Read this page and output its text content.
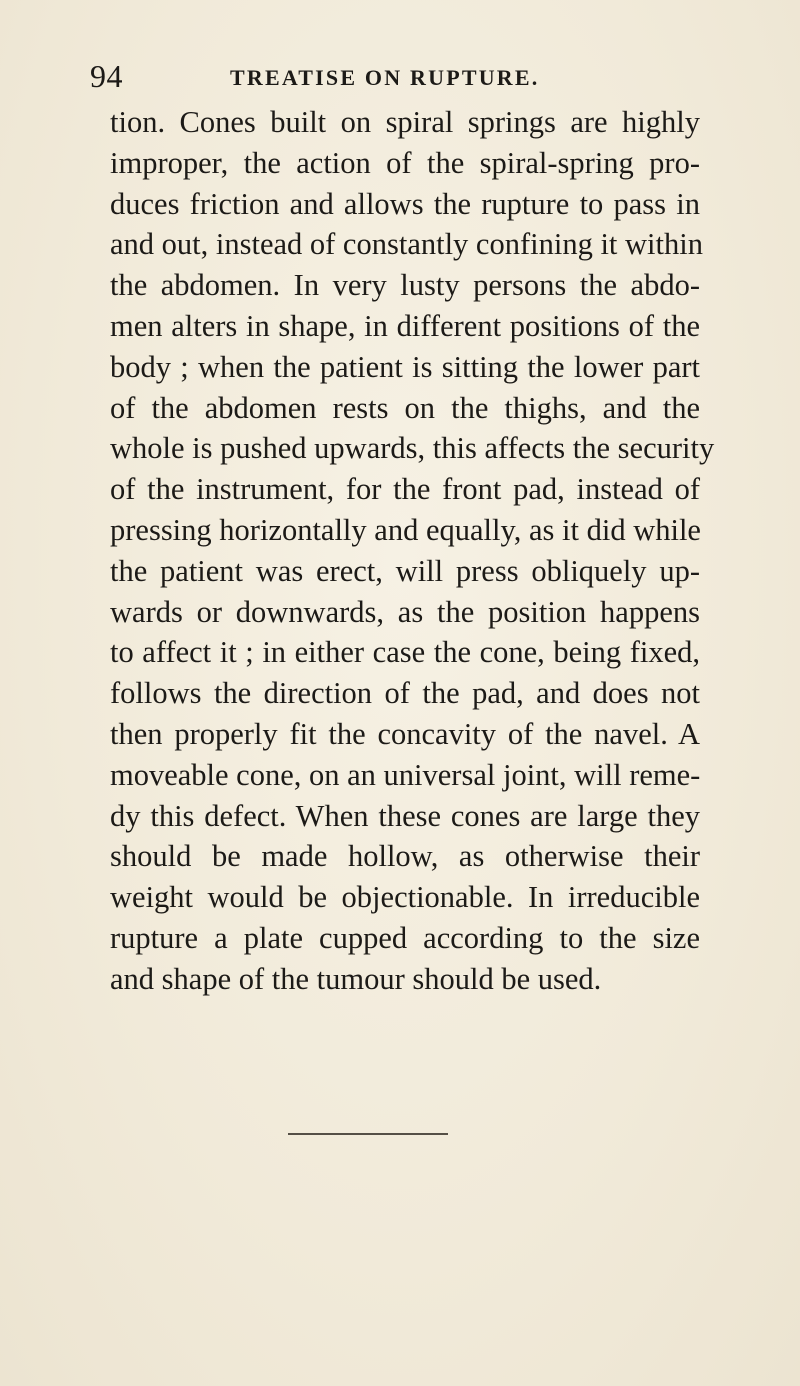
94	TREATISE ON RUPTURE.
tion. Cones built on spiral springs are highly
improper, the action of the spiral-spring pro-
duces friction and allows the rupture to pass in
and out, instead of constantly confining it within
the abdomen. In very lusty persons the abdo-
men alters in shape, in different positions of the
body ; when the patient is sitting the lower part
of the abdomen rests on the thighs, and the
whole is pushed upwards, this affects the security
of the instrument, for the front pad, instead of
pressing horizontally and equally, as it did while
the patient was erect, will press obliquely up-
wards or downwards, as the position happens
to affect it ; in either case the cone, being fixed,
follows the direction of the pad, and does not
then properly fit the concavity of the navel. A
moveable cone, on an universal joint, will reme-
dy this defect. When these cones are large they
should be made hollow, as otherwise their
weight would be objectionable. In irreducible
rupture a plate cupped according to the size
and shape of the tumour should be used.
